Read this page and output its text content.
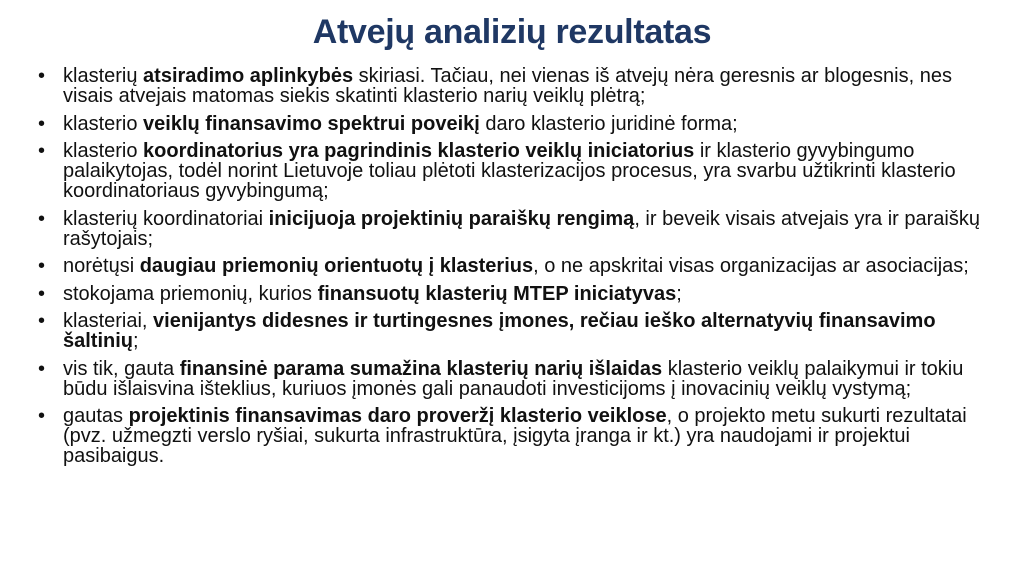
Atvejų analizių rezultatas
• klasterių atsiradimo aplinkybės skiriasi. Tačiau, nei vienas iš atvejų nėra geresnis ar blogesnis, nes visais atvejais matomas siekis skatinti klasterio narių veiklų plėtrą;
• klasterio veiklų finansavimo spektrui poveikį daro klasterio juridinė forma;
• klasterio koordinatorius yra pagrindinis klasterio veiklų iniciatorius ir klasterio gyvybingumo palaikytojas, todėl norint Lietuvoje toliau plėtoti klasterizacijos procesus, yra svarbu užtikrinti klasterio koordinatoriaus gyvybingumą;
• klasterių koordinatoriai inicijuoja projektinių paraiškų rengimą, ir beveik visais atvejais yra ir paraiškų rašytojais;
• norėtųsi daugiau priemonių orientuotų į klasterius, o ne apskritai visas organizacijas ar asociacijas;
• stokojama priemonių, kurios finansuotų klasterių MTEP iniciatyvas;
• klasteriai, vienijantys didesnes ir turtingesnes įmones, rečiau ieško alternatyvių finansavimo šaltinių;
• vis tik, gauta finansinė parama sumažina klasterių narių išlaidas klasterio veiklų palaikymui ir tokiu būdu išlaisvina išteklius, kuriuos įmonės gali panaudoti investicijoms į inovacinių veiklų vystymą;
• gautas projektinis finansavimas daro proveržį klasterio veiklose, o projekto metu sukurti rezultatai (pvz. užmegzti verslo ryšiai, sukurta infrastruktūra, įsigyta įranga ir kt.) yra naudojami ir projektui pasibaigus.
